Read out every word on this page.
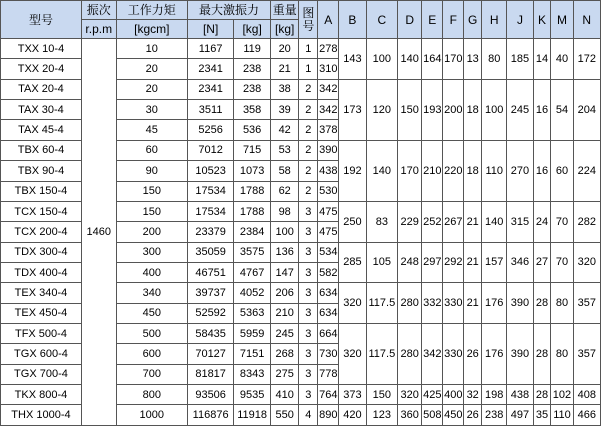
型号	振次	工作力矩	最大激振力		重量	图号	A	B	C	D	E	F	G	H	J	K	M	N
	r.p.m	[kgcm]	[N]	[kg]	[kg]													
TXX 10-4	1460	10	1167	119	20	1	278	143	100	140	164	170	13	80	185	14	40	172
TXX 20-4		20	2341	238	21	1	310											
TAX 20-4		20	2341	238	38	2	342	173	120	150	193	200	18	100	245	16	54	204
TAX 30-4		30	3511	358	39	2	342											
TAX 45-4		45	5256	536	42	2	378											
TBX 60-4		60	7012	715	53	2	390	192	140	170	210	220	18	110	270	16	60	224
TBX 90-4		90	10523	1073	58	2	438											
TBX 150-4		150	17534	1788	62	2	530											
TCX 150-4		150	17534	1788	98	3	475	250	83	229	252	267	21	140	315	24	70	282
TCX 200-4		200	23379	2384	100	3	475											
TDX 300-4		300	35059	3575	136	3	534	285	105	248	297	292	21	157	346	27	70	320
TDX 400-4		400	46751	4767	147	3	582											
TEX 340-4		340	39737	4052	206	3	634	320	117.5	280	332	330	21	176	390	28	80	357
TEX 450-4		450	52592	5363	210	3	634											
TFX 500-4		500	58435	5959	245	3	664	320	117.5	280	342	330	26	176	390	28	80	357
TGX 600-4		600	70127	7151	268	3	730											
TGX 700-4		700	81817	8343	275	3	778											
TKX 800-4		800	93506	9535	410	3	764	373	150	320	425	400	32	198	438	28	102	408
THX 1000-4		1000	116876	11918	550	4	890	420	123	360	508	450	26	238	497	35	110	466
